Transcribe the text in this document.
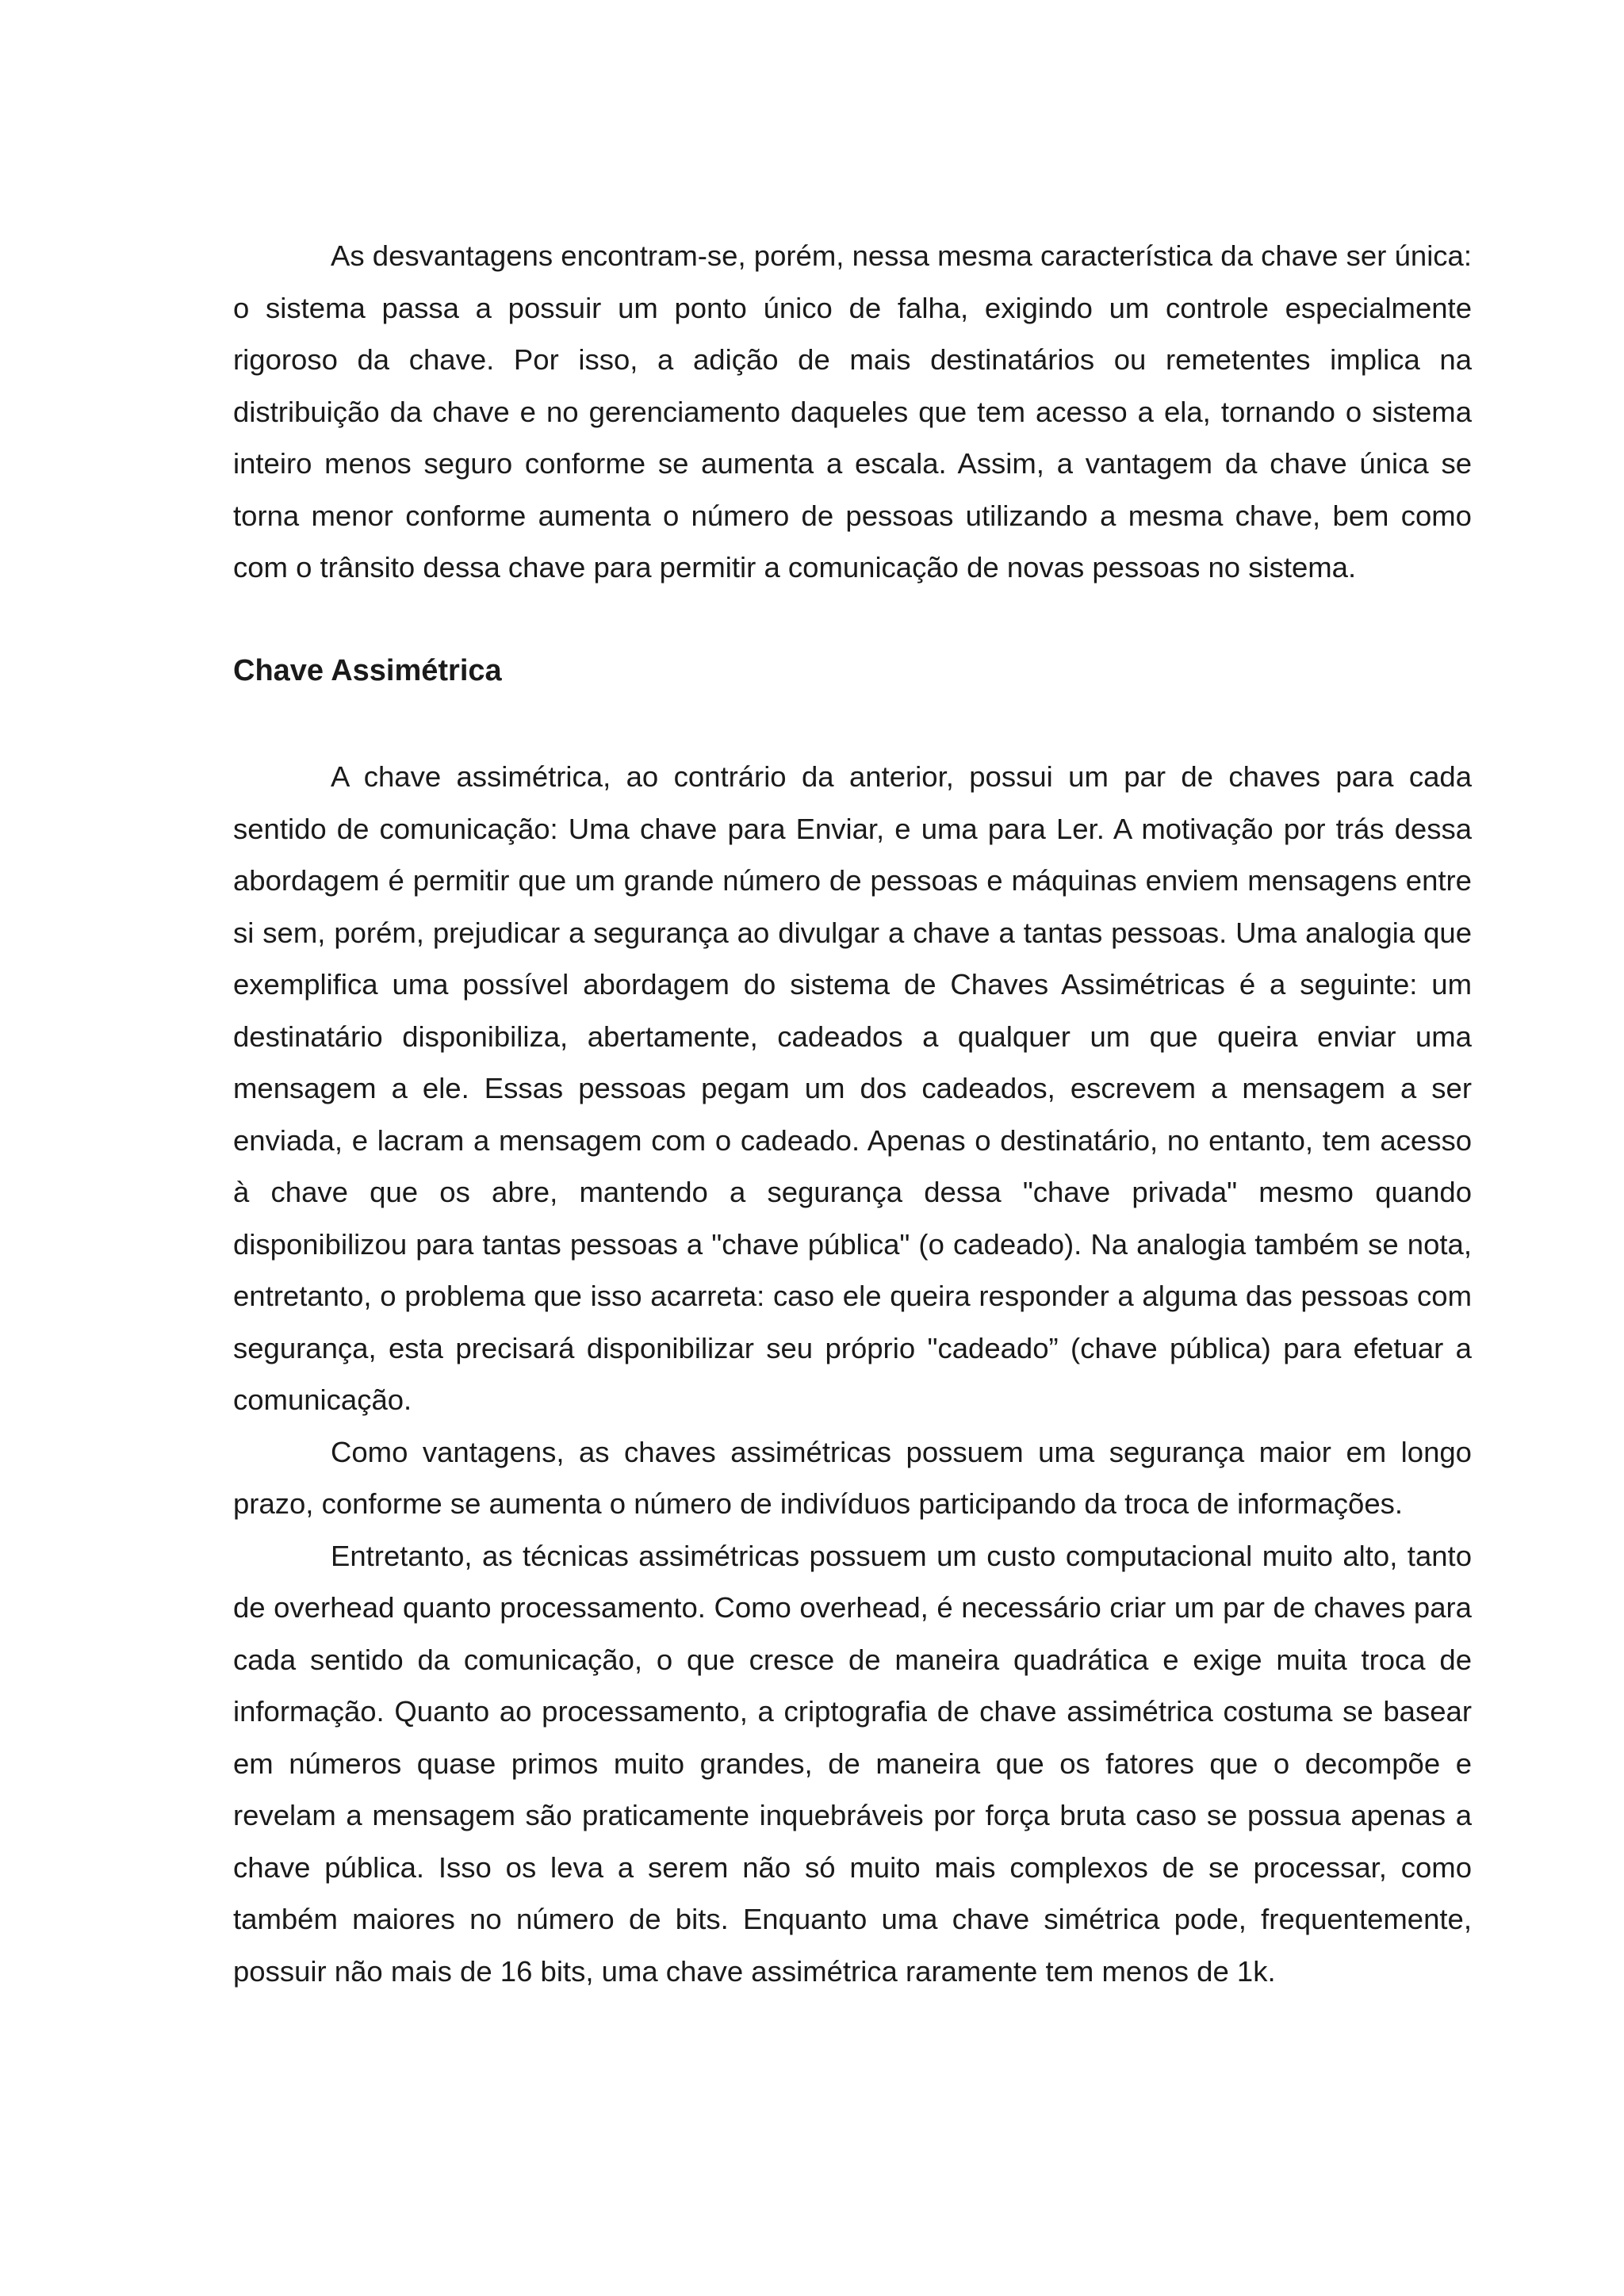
As desvantagens encontram-se, porém, nessa mesma característica da chave ser única: o sistema passa a possuir um ponto único de falha, exigindo um controle especialmente rigoroso da chave. Por isso, a adição de mais destinatários ou remetentes implica na distribuição da chave e no gerenciamento daqueles que tem acesso a ela, tornando o sistema inteiro menos seguro conforme se aumenta a escala. Assim, a vantagem da chave única se torna menor conforme aumenta o número de pessoas utilizando a mesma chave, bem como com o trânsito dessa chave para permitir a comunicação de novas pessoas no sistema.

Chave Assimétrica

A chave assimétrica, ao contrário da anterior, possui um par de chaves para cada sentido de comunicação: Uma chave para Enviar, e uma para Ler. A motivação por trás dessa abordagem é permitir que um grande número de pessoas e máquinas enviem mensagens entre si sem, porém, prejudicar a segurança ao divulgar a chave a tantas pessoas. Uma analogia que exemplifica uma possível abordagem do sistema de Chaves Assimétricas é a seguinte: um destinatário disponibiliza, abertamente, cadeados a qualquer um que queira enviar uma mensagem a ele. Essas pessoas pegam um dos cadeados, escrevem a mensagem a ser enviada, e lacram a mensagem com o cadeado. Apenas o destinatário, no entanto, tem acesso à chave que os abre, mantendo a segurança dessa "chave privada" mesmo quando disponibilizou para tantas pessoas a "chave pública" (o cadeado). Na analogia também se nota, entretanto, o problema que isso acarreta: caso ele queira responder a alguma das pessoas com segurança, esta precisará disponibilizar seu próprio "cadeado” (chave pública) para efetuar a comunicação.

Como vantagens, as chaves assimétricas possuem uma segurança maior em longo prazo, conforme se aumenta o número de indivíduos participando da troca de informações.

Entretanto, as técnicas assimétricas possuem um custo computacional muito alto, tanto de overhead quanto processamento. Como overhead, é necessário criar um par de chaves para cada sentido da comunicação, o que cresce de maneira quadrática e exige muita troca de informação. Quanto ao processamento, a criptografia de chave assimétrica costuma se basear em números quase primos muito grandes, de maneira que os fatores que o decompõe e revelam a mensagem são praticamente inquebráveis por força bruta caso se possua apenas a chave pública. Isso os leva a serem não só muito mais complexos de se processar, como também maiores no número de bits. Enquanto uma chave simétrica pode, frequentemente, possuir não mais de 16 bits, uma chave assimétrica raramente tem menos de 1k.
